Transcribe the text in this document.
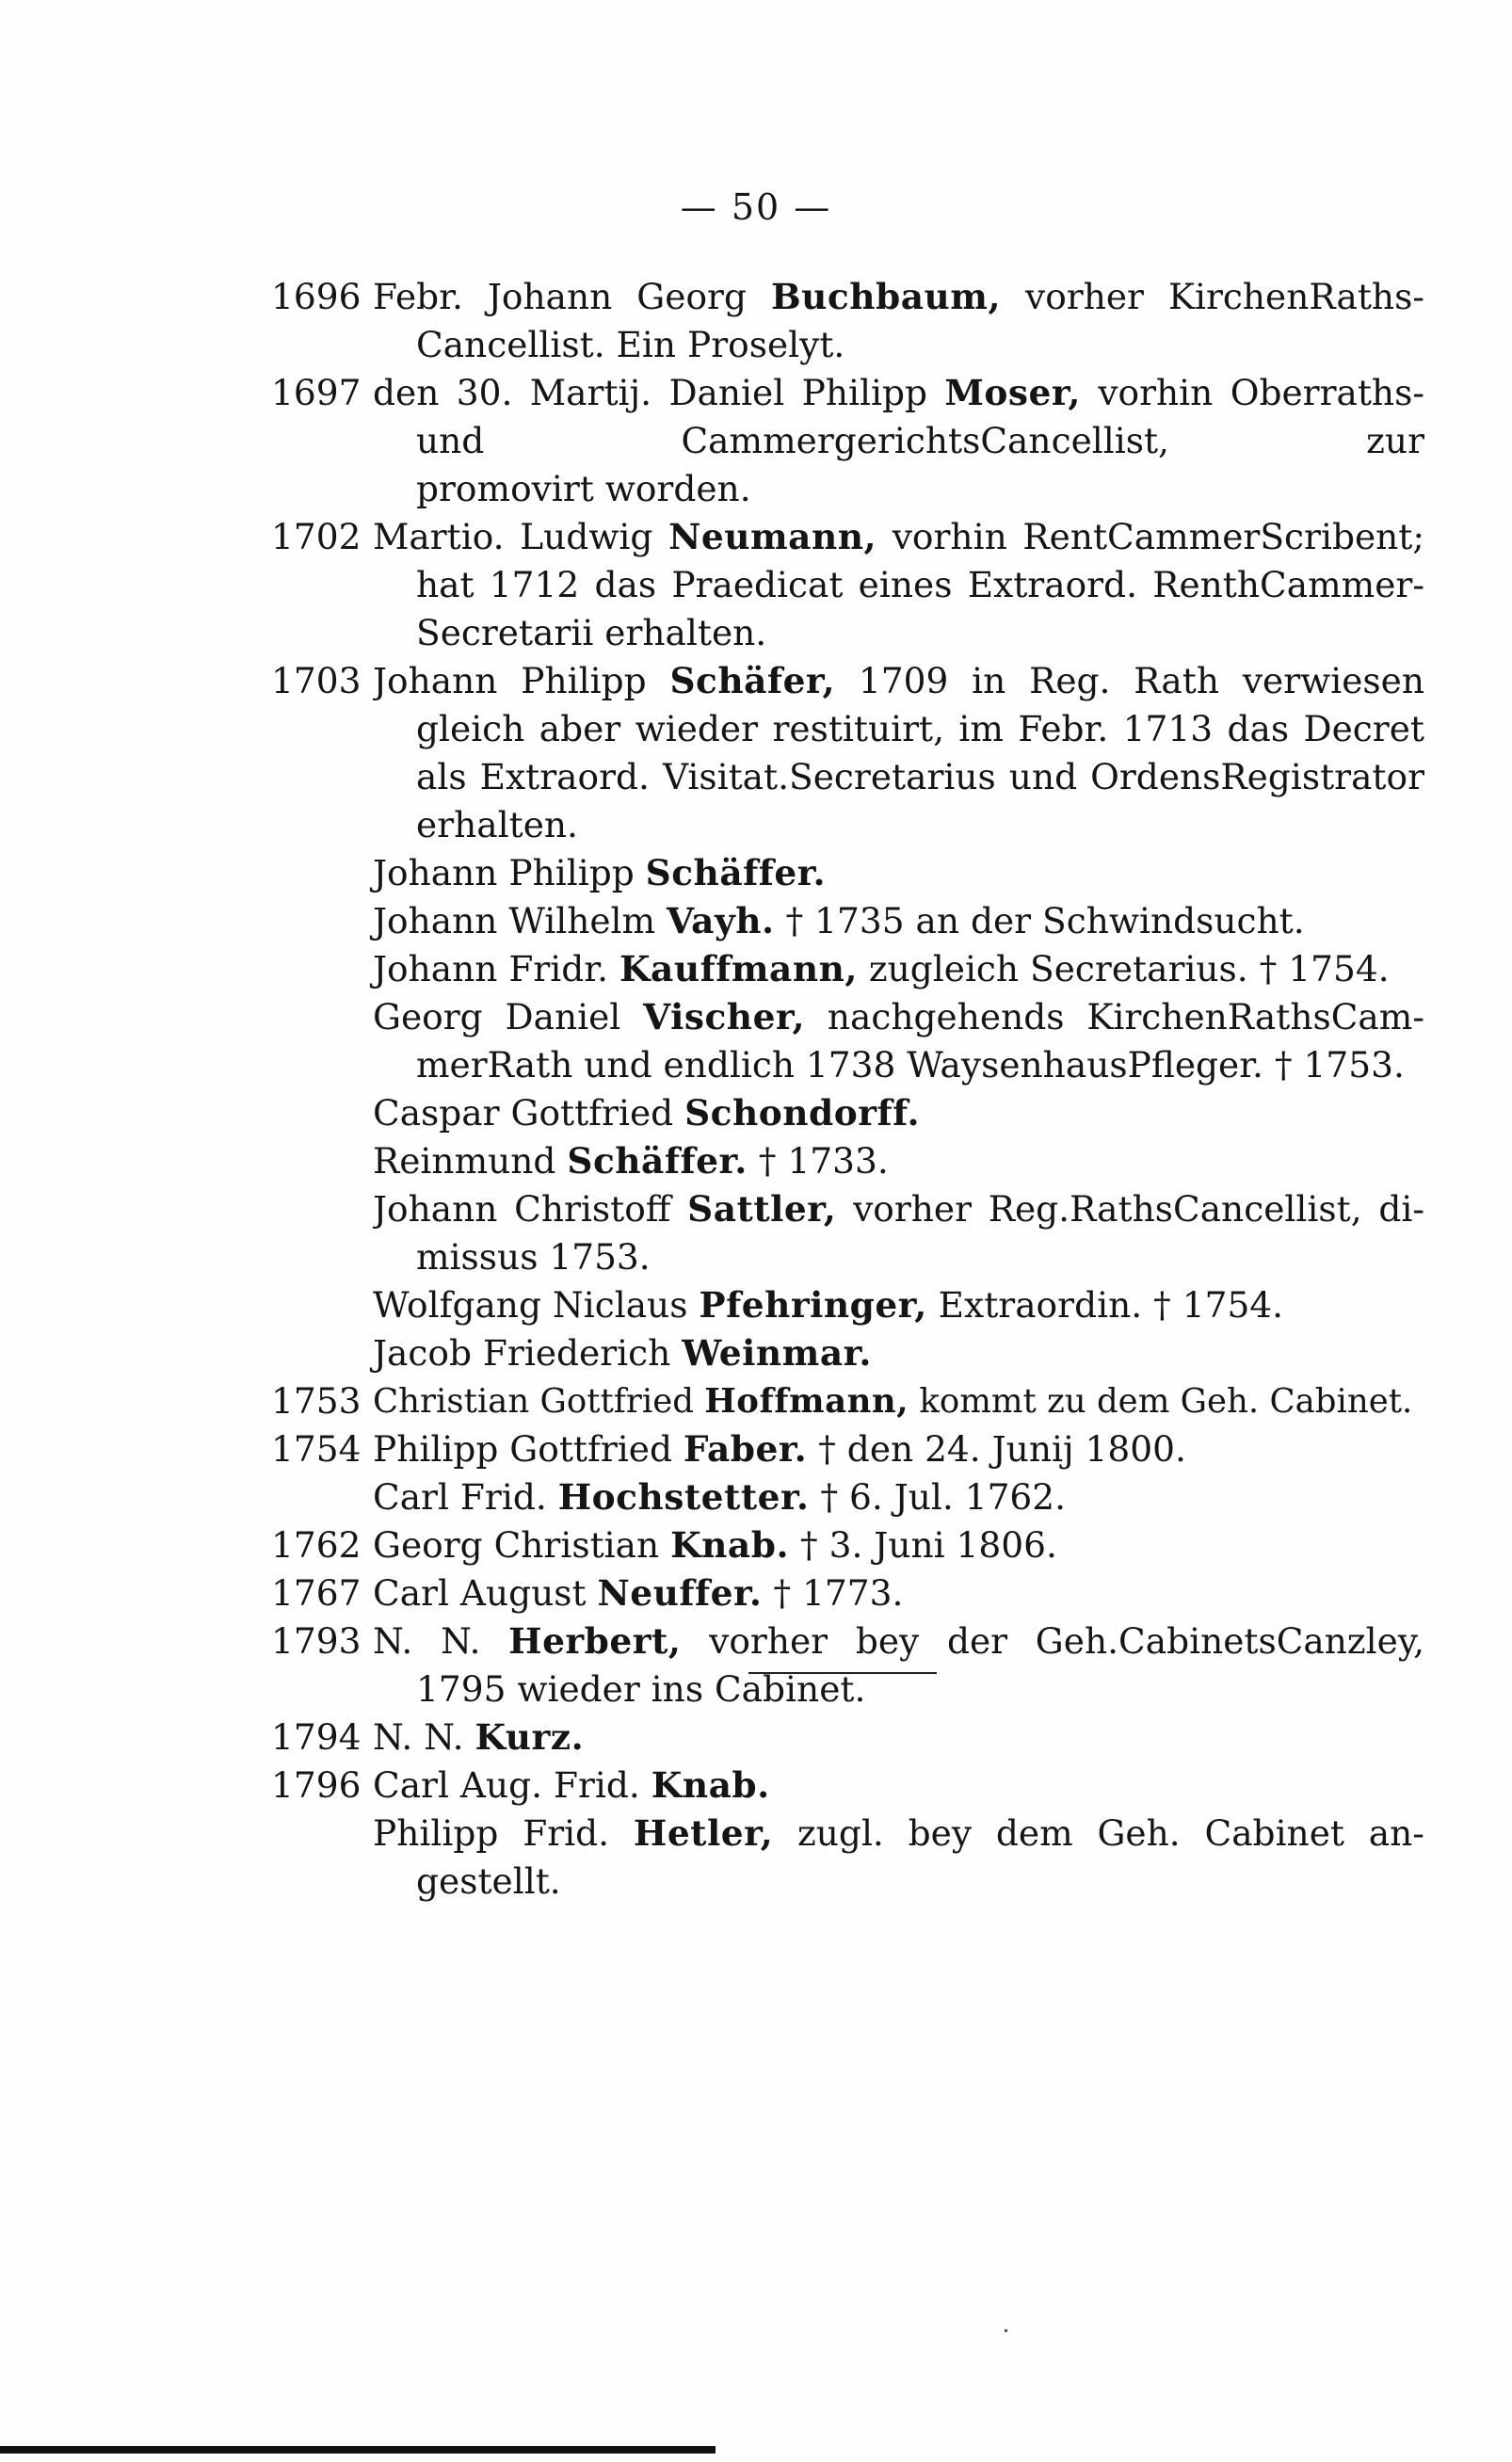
— 50 —
1696 Febr. Johann Georg Buchbaum, vorher KirchenRaths-
Cancellist. Ein Proselyt.
1697 den 30. Martij. Daniel Philipp Moser, vorhin Oberraths-
und CammergerichtsCancellist, zur
promovirt worden.
1702 Martio. Ludwig Neumann, vorhin RentCammerScribent;
hat 1712 das Praedicat eines Extraord. RenthCammer-
Secretarii erhalten.
1703 Johann Philipp Schäfer, 1709 in Reg. Rath verwiesen
gleich aber wieder restituirt, im Febr. 1713 das Decret
als Extraord. Visitat.Secretarius und OrdensRegistrator
erhalten.
Johann Philipp Schäffer.
Johann Wilhelm Vayh. † 1735 an der Schwindsucht.
Johann Fridr. Kauffmann, zugleich Secretarius. † 1754.
Georg Daniel Vischer, nachgehends KirchenRathsCam-
merRath und endlich 1738 WaysenhausPfleger. † 1753.
Caspar Gottfried Schondorff.
Reinmund Schäffer. † 1733.
Johann Christoff Sattler, vorher Reg.RathsCancellist, di-
missus 1753.
Wolfgang Niclaus Pfehringer, Extraordin. † 1754.
Jacob Friederich Weinmar.
1753 Christian Gottfried Hoffmann, kommt zu dem Geh. Cabinet.
1754 Philipp Gottfried Faber. † den 24. Junij 1800.
Carl Frid. Hochstetter. † 6. Jul. 1762.
1762 Georg Christian Knab. † 3. Juni 1806.
1767 Carl August Neuffer. † 1773.
1793 N. N. Herbert, vorher bey der Geh.CabinetsCanzley,
1795 wieder ins Cabinet.
1794 N. N. Kurz.
1796 Carl Aug. Frid. Knab.
Philipp Frid. Hetler, zugl. bey dem Geh. Cabinet an-
gestellt.
